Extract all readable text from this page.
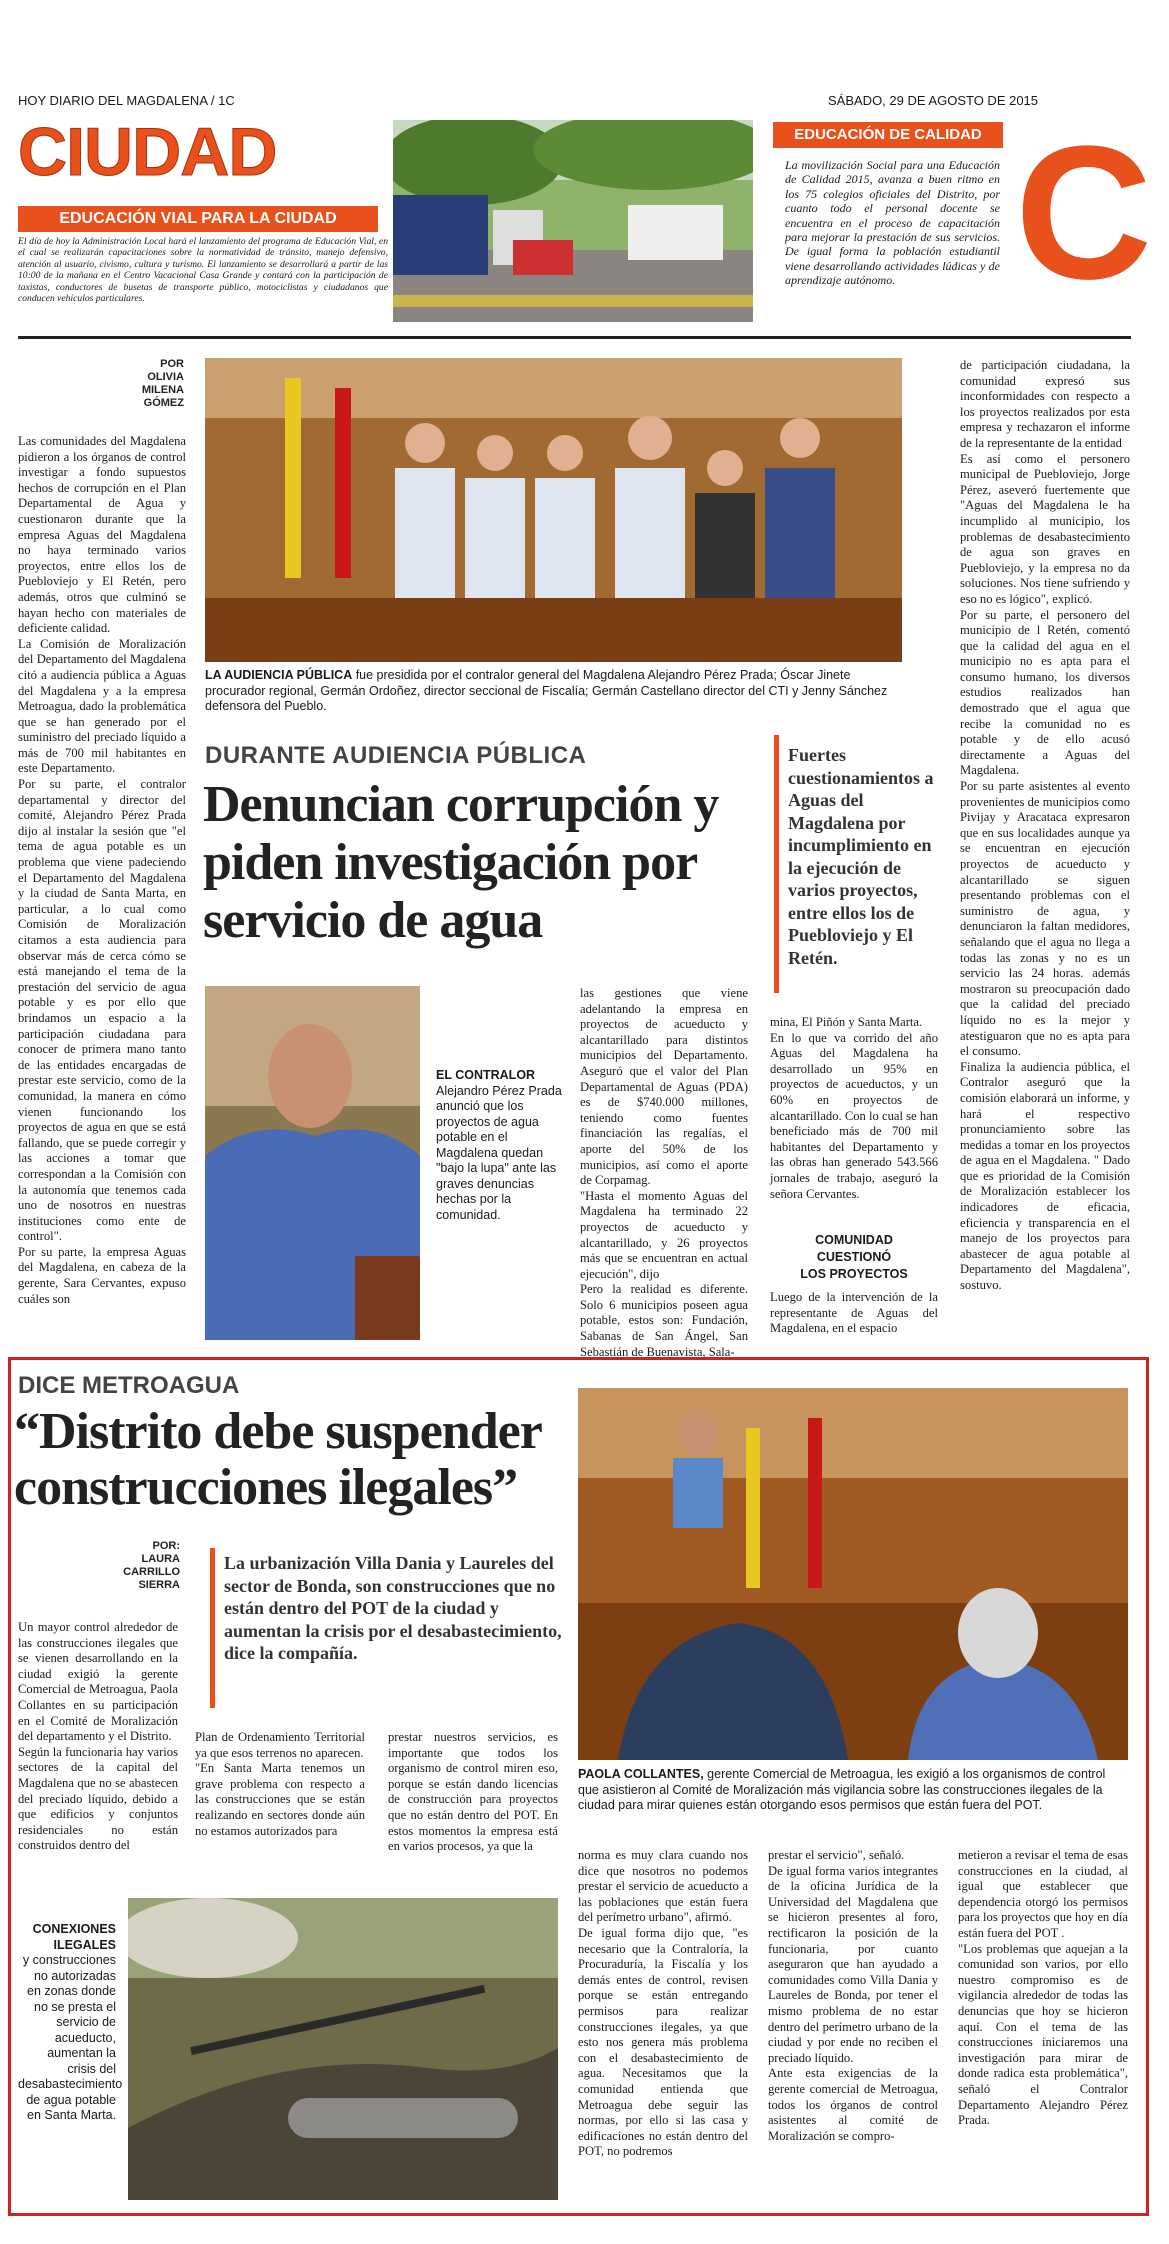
HOY DIARIO DEL MAGDALENA / 1C	SÁBADO, 29 DE AGOSTO DE 2015
CIUDAD
EDUCACIÓN VIAL PARA LA CIUDAD
El día de hoy la Administración Local hará el lanzamiento del programa de Educación Vial, en el cual se realizarán capacitaciones sobre la normatividad de tránsito, manejo defensivo, atención al usuario, civismo, cultura y turismo. El lanzamiento se desarrollará a partir de las 10:00 de la mañana en el Centro Vacacional Casa Grande y contará con la participación de taxistas, conductores de busetas de transporte público, motociclistas y ciudadanos que conducen vehículos particulares.
EDUCACIÓN DE CALIDAD
La movilización Social para una Educación de Calidad 2015, avanza a buen ritmo en los 75 colegios oficiales del Distrito, por cuanto todo el personal docente se encuentra en el proceso de capacitación para mejorar la prestación de sus servicios. De igual forma la población estudiantil viene desarrollando actividades lúdicas y de aprendizaje autónomo. C
POR
OLIVIA
MILENA
GÓMEZ
Las comunidades del Magdalena pidieron a los órganos de control investigar a fondo supuestos hechos de corrupción en el Plan Departamental de Agua y cuestionaron durante que la empresa Aguas del Magdalena no haya terminado varios proyectos, entre ellos los de Puebloviejo y El Retén, pero además, otros que culminó se hayan hecho con materiales de deficiente calidad.
La Comisión de Moralización del Departamento del Magdalena citó a audiencia pública a Aguas del Magdalena y a la empresa Metroagua, dado la problemática que se han generado por el suministro del preciado líquido a más de 700 mil habitantes en este Departamento.
Por su parte, el contralor departamental y director del comité, Alejandro Pérez Prada dijo al instalar la sesión que "el tema de agua potable es un problema que viene padeciendo el Departamento del Magdalena y la ciudad de Santa Marta, en particular, a lo cual como Comisión de Moralización citamos a esta audiencia para observar más de cerca cómo se está manejando el tema de la prestación del servicio de agua potable y es por ello que brindamos un espacio a la participación ciudadana para conocer de primera mano tanto de las entidades encargadas de prestar este servicio, como de la comunidad, la manera en cómo vienen funcionando los proyectos de agua en que se está fallando, que se puede corregir y las acciones a tomar que correspondan a la Comisión con la autonomía que tenemos cada uno de nosotros en nuestras instituciones como ente de control".
Por su parte, la empresa Aguas del Magdalena, en cabeza de la gerente, Sara Cervantes, expuso cuáles son
LA AUDIENCIA PÚBLICA fue presidida por el contralor general del Magdalena Alejandro Pérez Prada; Óscar Jinete procurador regional, Germán Ordoñez, director seccional de Fiscalía; Germán Castellano director del CTI y Jenny Sánchez defensora del Pueblo.
DURANTE AUDIENCIA PÚBLICA
Denuncian corrupción y piden investigación por servicio de agua
Fuertes cuestionamientos a Aguas del Magdalena por incumplimiento en la ejecución de varios proyectos, entre ellos los de Puebloviejo y El Retén.
EL CONTRALOR
Alejandro Pérez Prada anunció que los proyectos de agua potable en el Magdalena quedan "bajo la lupa" ante las graves denuncias hechas por la comunidad.
las gestiones que viene adelantando la empresa en proyectos de acueducto y alcantarillado para distintos municipios del Departamento. Aseguró que el valor del Plan Departamental de Aguas (PDA) es de $740.000 millones, teniendo como fuentes financiación las regalías, el aporte del 50% de los municipios, así como el aporte de Corpamag.
"Hasta el momento Aguas del Magdalena ha terminado 22 proyectos de acueducto y alcantarillado, y 26 proyectos más que se encuentran en actual ejecución", dijo
Pero la realidad es diferente. Solo 6 municipios poseen agua potable, estos son: Fundación, Sabanas de San Ángel, San Sebastián de Buenavista, Sala-
mina, El Piñón y Santa Marta.
En lo que va corrido del año Aguas del Magdalena ha desarrollado un 95% en proyectos de acueductos, y un 60% en proyectos de alcantarillado. Con lo cual se han beneficiado más de 700 mil habitantes del Departamento y las obras han generado 543.566 jornales de trabajo, aseguró la señora Cervantes.
COMUNIDAD
CUESTIONÓ
LOS PROYECTOS
Luego de la intervención de la representante de Aguas del Magdalena, en el espacio
de participación ciudadana, la comunidad expresó sus inconformidades con respecto a los proyectos realizados por esta empresa y rechazaron el informe de la representante de la entidad
Es así como el personero municipal de Puebloviejo, Jorge Pérez, aseveró fuertemente que "Aguas del Magdalena le ha incumplido al municipio, los problemas de desabastecimiento de agua son graves en Puebloviejo, y la empresa no da soluciones. Nos tiene sufriendo y eso no es lógico", explicó.
Por su parte, el personero del municipio de l Retén, comentó que la calidad del agua en el municipio no es apta para el consumo humano, los diversos estudios realizados han demostrado que el agua que recibe la comunidad no es potable y de ello acusó directamente a Aguas del Magdalena.
Por su parte asistentes al evento provenientes de municipios como Pivijay y Aracataca expresaron que en sus localidades aunque ya se encuentran en ejecución proyectos de acueducto y alcantarillado se siguen presentando problemas con el suministro de agua, y denunciaron la faltan medidores, señalando que el agua no llega a todas las zonas y no es un servicio las 24 horas. además mostraron su preocupación dado que la calidad del preciado líquido no es la mejor y atestiguaron que no es apta para el consumo.
Finaliza la audiencia pública, el Contralor aseguró que la comisión elaborará un informe, y hará el respectivo pronunciamiento sobre las medidas a tomar en los proyectos de agua en el Magdalena. " Dado que es prioridad de la Comisión de Moralización establecer los indicadores de eficacia, eficiencia y transparencia en el manejo de los proyectos para abastecer de agua potable al Departamento del Magdalena", sostuvo.
DICE METROAGUA
“Distrito debe suspender construcciones ilegales”
POR:
LAURA
CARRILLO
SIERRA
La urbanización Villa Dania y Laureles del sector de Bonda, son construcciones que no están dentro del POT de la ciudad y aumentan la crisis por el desabastecimiento, dice la compañía.
Un mayor control alrededor de las construcciones ilegales que se vienen desarrollando en la ciudad exigió la gerente Comercial de Metroagua, Paola Collantes en su participación en el Comité de Moralización del departamento y el Distrito.
Según la funcionaria hay varios sectores de la capital del Magdalena que no se abastecen del preciado líquido, debido a que edificios y conjuntos residenciales no están construidos dentro del
Plan de Ordenamiento Territorial ya que esos terrenos no aparecen.
"En Santa Marta tenemos un grave problema con respecto a las construcciones que se están realizando en sectores donde aún no estamos autorizados para
prestar nuestros servicios, es importante que todos los organismo de control miren eso, porque se están dando licencias de construcción para proyectos que no están dentro del POT. En estos momentos la empresa está en varios procesos, ya que la
PAOLA COLLANTES, gerente Comercial de Metroagua, les exigió a los organismos de control que asistieron al Comité de Moralización más vigilancia sobre las construcciones ilegales de la ciudad para mirar quienes están otorgando esos permisos que están fuera del POT.
CONEXIONES ILEGALES
y construcciones no autorizadas en zonas donde no se presta el servicio de acueducto, aumentan la crisis del desabastecimiento de agua potable en Santa Marta.
norma es muy clara cuando nos dice que nosotros no podemos prestar el servicio de acueducto a las poblaciones que están fuera del perímetro urbano", afirmó.
De igual forma dijo que, "es necesario que la Contraloría, la Procuraduría, la Fiscalía y los demás entes de control, revisen porque se están entregando permisos para realizar construcciones ilegales, ya que esto nos genera más problema con el desabastecimiento de agua. Necesitamos que la comunidad entienda que Metroagua debe seguir las normas, por ello si las casa y edificaciones no están dentro del POT, no podremos
prestar el servicio", señaló.
De igual forma varios integrantes de la oficina Jurídica de la Universidad del Magdalena que se hicieron presentes al foro, rectificaron la posición de la funcionaria, por cuanto aseguraron que han ayudado a comunidades como Villa Dania y Laureles de Bonda, por tener el mismo problema de no estar dentro del perímetro urbano de la ciudad y por ende no reciben el preciado líquido.
Ante esta exigencias de la gerente comercial de Metroagua, todos los órganos de control asistentes al comité de Moralización se compro-
metieron a revisar el tema de esas construcciones en la ciudad, al igual que establecer que dependencia otorgó los permisos para los proyectos que hoy en día están fuera del POT .
"Los problemas que aquejan a la comunidad son varios, por ello nuestro compromiso es de vigilancia alrededor de todas las denuncias que hoy se hicieron aquí. Con el tema de las construcciones iniciaremos una investigación para mirar de donde radica esta problemática", señaló el Contralor Departamento Alejandro Pérez Prada.
